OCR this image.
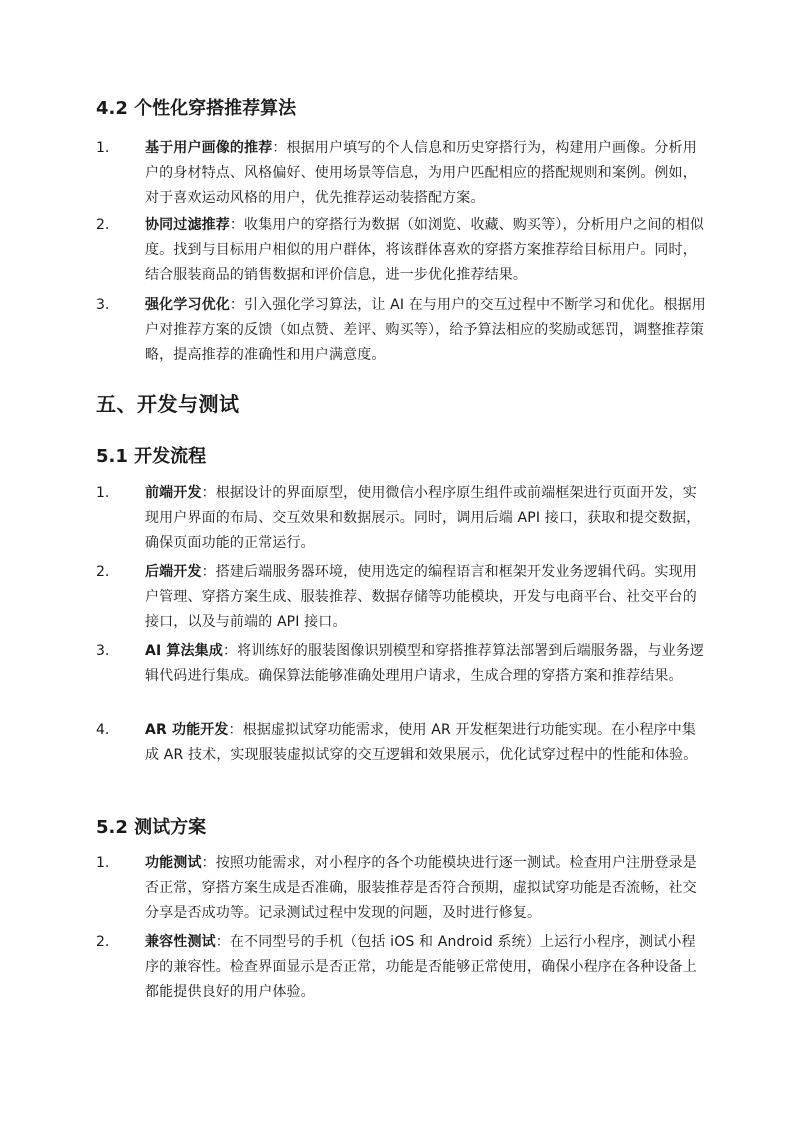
4.2 个性化穿搭推荐算法
1.	基于用户画像的推荐：根据用户填写的个人信息和历史穿搭行为，构建用户画像。分析用户的身材特点、风格偏好、使用场景等信息，为用户匹配相应的搭配规则和案例。例如，对于喜欢运动风格的用户，优先推荐运动装搭配方案。
2.	协同过滤推荐：收集用户的穿搭行为数据（如浏览、收藏、购买等），分析用户之间的相似度。找到与目标用户相似的用户群体，将该群体喜欢的穿搭方案推荐给目标用户。同时，结合服装商品的销售数据和评价信息，进一步优化推荐结果。
3.	强化学习优化：引入强化学习算法，让 AI 在与用户的交互过程中不断学习和优化。根据用户对推荐方案的反馈（如点赞、差评、购买等），给予算法相应的奖励或惩罚，调整推荐策略，提高推荐的准确性和用户满意度。
五、开发与测试
5.1 开发流程
1.	前端开发：根据设计的界面原型，使用微信小程序原生组件或前端框架进行页面开发，实现用户界面的布局、交互效果和数据展示。同时，调用后端 API 接口，获取和提交数据，确保页面功能的正常运行。
2.	后端开发：搭建后端服务器环境，使用选定的编程语言和框架开发业务逻辑代码。实现用户管理、穿搭方案生成、服装推荐、数据存储等功能模块，开发与电商平台、社交平台的接口，以及与前端的 API 接口。
3.	AI 算法集成：将训练好的服装图像识别模型和穿搭推荐算法部署到后端服务器，与业务逻辑代码进行集成。确保算法能够准确处理用户请求，生成合理的穿搭方案和推荐结果。
4.	AR 功能开发：根据虚拟试穿功能需求，使用 AR 开发框架进行功能实现。在小程序中集成 AR 技术，实现服装虚拟试穿的交互逻辑和效果展示，优化试穿过程中的性能和体验。
5.2 测试方案
1.	功能测试：按照功能需求，对小程序的各个功能模块进行逐一测试。检查用户注册登录是否正常，穿搭方案生成是否准确，服装推荐是否符合预期，虚拟试穿功能是否流畅，社交分享是否成功等。记录测试过程中发现的问题，及时进行修复。
2.	兼容性测试：在不同型号的手机（包括 iOS 和 Android 系统）上运行小程序，测试小程序的兼容性。检查界面显示是否正常，功能是否能够正常使用，确保小程序在各种设备上都能提供良好的用户体验。
